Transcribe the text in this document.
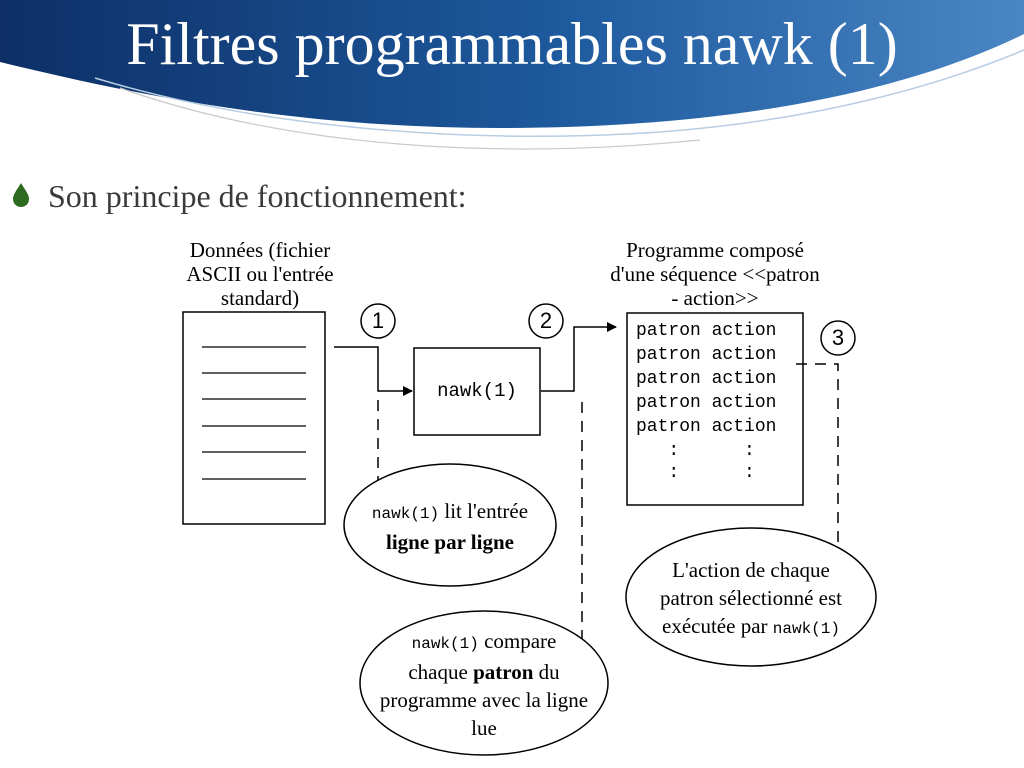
Filtres programmables nawk (1)
Son principe de fonctionnement:
Données (fichier
ASCII ou l'entrée
standard)
Programme composé
d'une séquence <<patron
- action>>
nawk(1)
patron action
patron action
patron action
patron action
patron action
:      :
:      :
1	2
3
nawk(1) lit l'entrée
ligne par ligne
nawk(1) compare
chaque patron du
programme avec la ligne
lue
L'action de chaque
patron sélectionné est
exécutée par nawk(1)
